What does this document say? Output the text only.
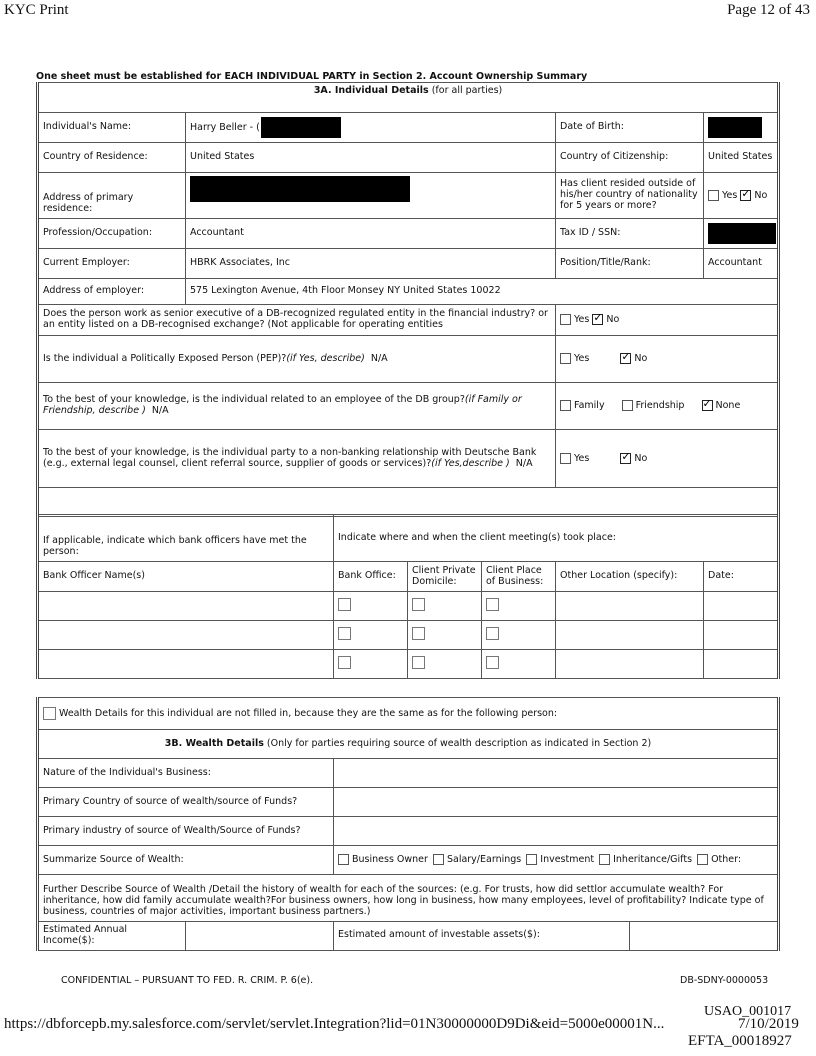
KYC Print	Page 12 of 43
One sheet must be established for EACH INDIVIDUAL PARTY in Section 2. Account Ownership Summary
3A. Individual Details (for all parties)			
Individual's Name:	Harry Beller - (	Date of Birth:	
Country of Residence:	United States	Country of Citizenship:	United States
Address of primary residence:		Has client resided outside of his/her country of nationality for 5 years or more?	Yes ✓ No
Profession/Occupation:	Accountant	Tax ID / SSN:	
Current Employer:	HBRK Associates, Inc	Position/Title/Rank:	Accountant
Address of employer:	575 Lexington Avenue, 4th Floor Monsey NY United States 10022		
Does the person work as senior executive of a DB-recognized regulated entity in the financial industry? or an entity listed on a DB-recognised exchange? (Not applicable for operating entities		Yes ✓ No
Is the individual a Politically Exposed Person (PEP)?(if Yes, describe) N/A		Yes ✓ No
To the best of your knowledge, is the individual related to an employee of the DB group?(if Family or Friendship, describe ) N/A		Family Friendship ✓ None
To the best of your knowledge, is the individual party to a non-banking relationship with Deutsche Bank (e.g., external legal counsel, client referral source, supplier of goods or services)?(if Yes,describe ) N/A		Yes ✓ No

If applicable, indicate which bank officers have met the person:	Indicate where and when the client meeting(s) took place:				
Bank Officer Name(s)	Bank Office:	Client Private Domicile:	Client Place of Business:	Other Location (specify):	Date:

Wealth Details for this individual are not filled in, because they are the same as for the following person:			
3B. Wealth Details (Only for parties requiring source of wealth description as indicated in Section 2)			
Nature of the Individual's Business:			
Primary Country of source of wealth/source of Funds?			
Primary industry of source of Wealth/Source of Funds?			
Summarize Source of Wealth:		Business Owner Salary/Earnings Investment Inheritance/Gifts Other:	
Further Describe Source of Wealth /Detail the history of wealth for each of the sources: (e.g. For trusts, how did settlor accumulate wealth? For inheritance, how did family accumulate wealth?For business owners, how long in business, how many employees, level of profitability? Indicate type of business, countries of major activities, important business partners.)			
Estimated Annual Income($):		Estimated amount of investable assets($):	
CONFIDENTIAL – PURSUANT TO FED. R. CRIM. P. 6(e).	DB-SDNY-0000053
USAO_001017
https://dbforcepb.my.salesforce.com/servlet/servlet.Integration?lid=01N30000000D9Di&eid=5000e00001N...	7/10/2019
EFTA_00018927
